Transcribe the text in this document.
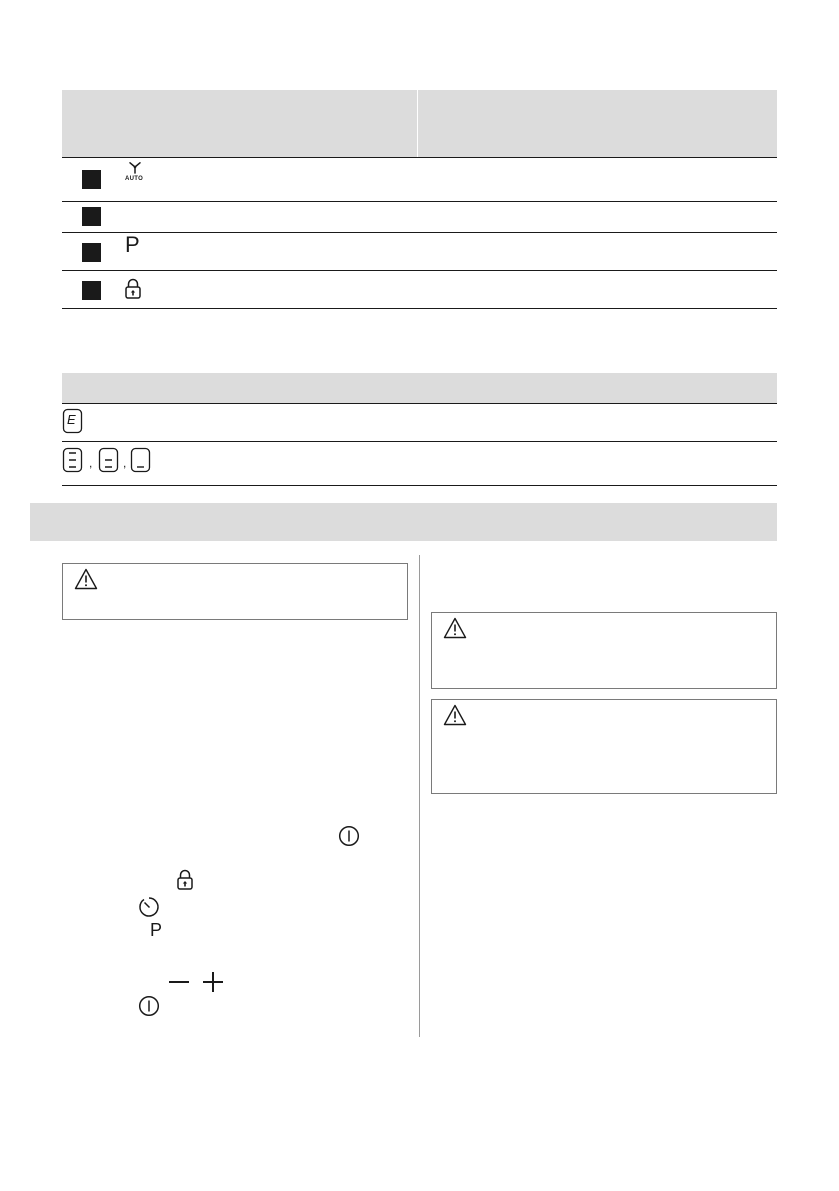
AUTO
P
E
,	,
P
